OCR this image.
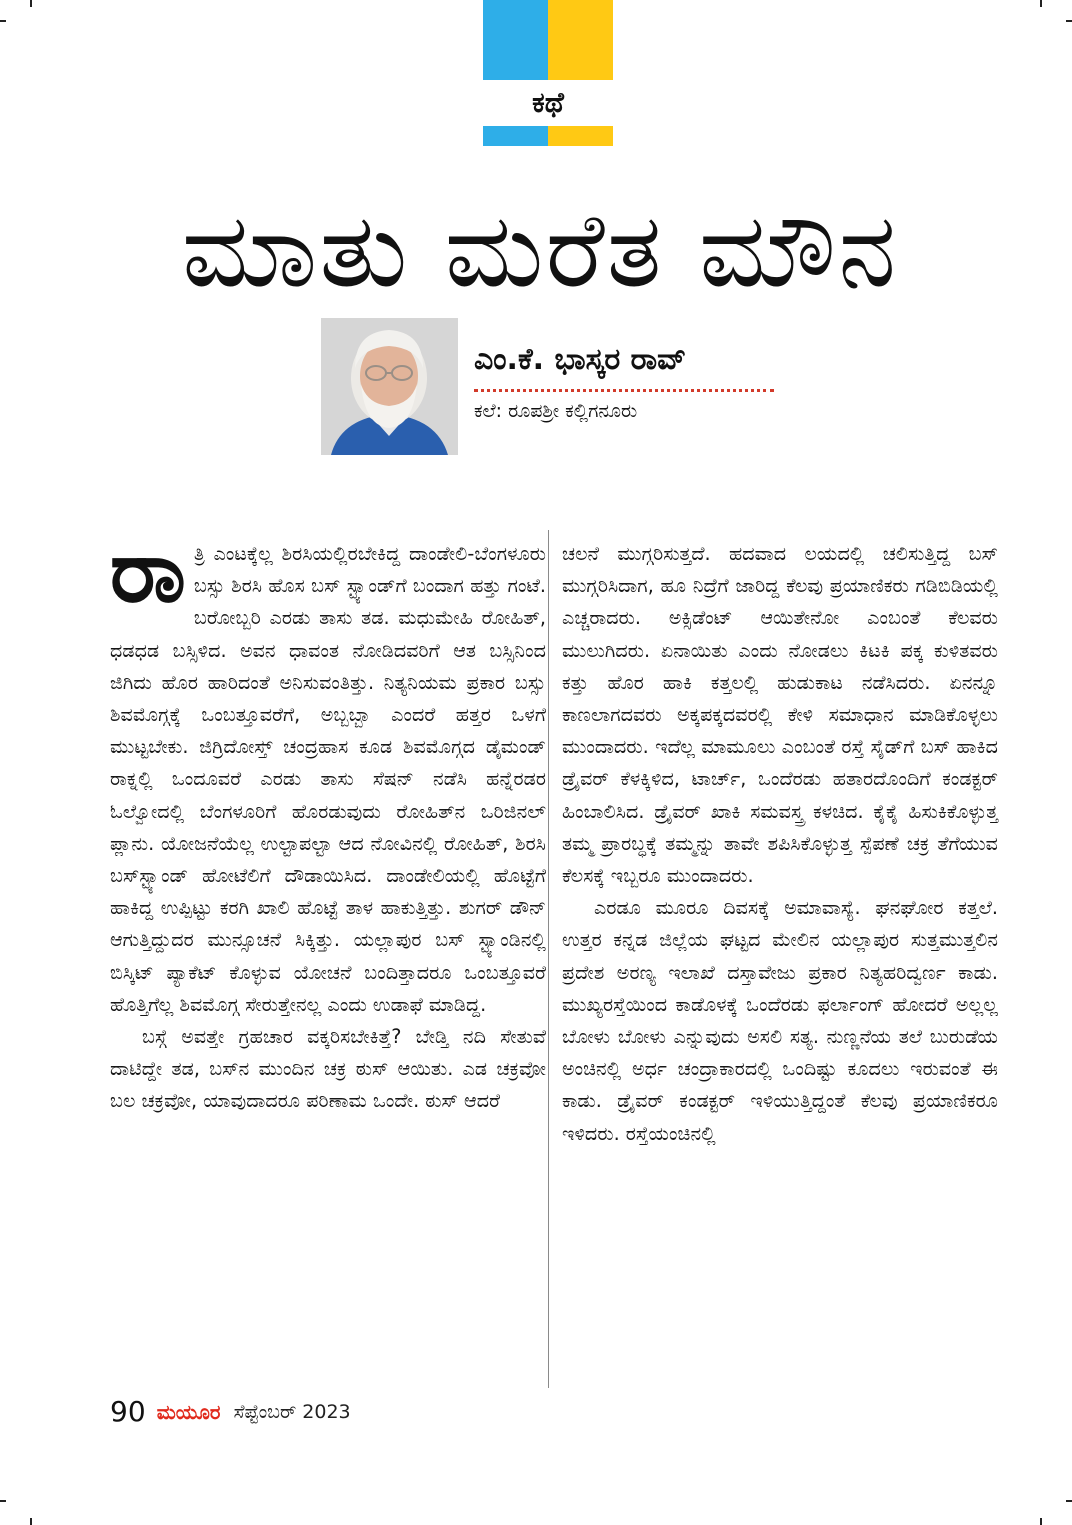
ಕಥೆ
ಮಾತು ಮರೆತ ಮೌನ
ಎಂ.ಕೆ. ಭಾಸ್ಕರ ರಾವ್
ಕಲೆ: ರೂಪಶ್ರೀ ಕಲ್ಲಿಗನೂರು

ರಾ ತ್ರಿ ಎಂಟಕ್ಕೆಲ್ಲ ಶಿರಸಿಯಲ್ಲಿರಬೇಕಿದ್ದ ದಾಂಡೇಲಿ-ಬೆಂಗಳೂರು ಬಸ್ಸು ಶಿರಸಿ ಹೊಸ ಬಸ್ ಸ್ಟ್ಯಾಂಡ್‌ಗೆ ಬಂದಾಗ ಹತ್ತು ಗಂಟೆ. ಬರೋಬ್ಬರಿ ಎರಡು ತಾಸು ತಡ. ಮಧುಮೇಹಿ ರೋಹಿತ್, ಧಡಧಡ ಬಸ್ಸಿಳಿದ. ಅವನ ಧಾವಂತ ನೋಡಿದವರಿಗೆ ಆತ ಬಸ್ಸಿನಿಂದ ಜಿಗಿದು ಹೊರ ಹಾರಿದಂತೆ ಅನಿಸುವಂತಿತ್ತು. ನಿತ್ಯನಿಯಮ ಪ್ರಕಾರ ಬಸ್ಸು ಶಿವಮೊಗ್ಗಕ್ಕೆ ಒಂಬತ್ತೂವರೆಗೆ, ಅಬ್ಬಬ್ಬಾ ಎಂದರೆ ಹತ್ತರ ಒಳಗೆ ಮುಟ್ಟಬೇಕು. ಜಿಗ್ರಿದೋಸ್ತ್ ಚಂದ್ರಹಾಸ ಕೂಡ ಶಿವಮೊಗ್ಗದ ಡೈಮಂಡ್ ರಾಕ್ನಲ್ಲಿ ಒಂದೂವರೆ ಎರಡು ತಾಸು ಸೆಷನ್ ನಡೆಸಿ ಹನ್ನೆರಡರ ಓಲ್ವೋದಲ್ಲಿ ಬೆಂಗಳೂರಿಗೆ ಹೊರಡುವುದು ರೋಹಿತ್‌ನ ಒರಿಜಿನಲ್ ಪ್ಲಾನು. ಯೋಜನೆಯೆಲ್ಲ ಉಲ್ಟಾಪಲ್ಟಾ ಆದ ನೋವಿನಲ್ಲಿ ರೋಹಿತ್, ಶಿರಸಿ ಬಸ್‌ಸ್ಟ್ಯಾಂಡ್ ಹೋಟೆಲಿಗೆ ದೌಡಾಯಿಸಿದ. ದಾಂಡೇಲಿಯಲ್ಲಿ ಹೊಟ್ಟೆಗೆ ಹಾಕಿದ್ದ ಉಪ್ಪಿಟ್ಟು ಕರಗಿ ಖಾಲಿ ಹೊಟ್ಟೆ ತಾಳ ಹಾಕುತ್ತಿತ್ತು. ಶುಗರ್ ಡೌನ್ ಆಗುತ್ತಿದ್ದುದರ ಮುನ್ಸೂಚನೆ ಸಿಕ್ಕಿತ್ತು. ಯಲ್ಲಾಪುರ ಬಸ್ ಸ್ಟ್ಯಾಂಡಿನಲ್ಲಿ ಬಿಸ್ಕಿಟ್ ಪ್ಯಾಕೆಟ್ ಕೊಳ್ಳುವ ಯೋಚನೆ ಬಂದಿತ್ತಾದರೂ ಒಂಬತ್ತೂವರೆ ಹೊತ್ತಿಗೆಲ್ಲ ಶಿವಮೊಗ್ಗ ಸೇರುತ್ತೇನಲ್ಲ ಎಂದು ಉಡಾಫೆ ಮಾಡಿದ್ದ.

ಬಸ್ಗೆ ಅವತ್ತೇ ಗ್ರಹಚಾರ ವಕ್ಕರಿಸಬೇಕಿತ್ತೆ? ಬೇಡ್ತಿ ನದಿ ಸೇತುವೆ ದಾಟಿದ್ದೇ ತಡ, ಬಸ್‌ನ ಮುಂದಿನ ಚಕ್ರ ಠುಸ್ ಆಯಿತು. ಎಡ ಚಕ್ರವೋ ಬಲ ಚಕ್ರವೋ, ಯಾವುದಾದರೂ ಪರಿಣಾಮ ಒಂದೇ. ಠುಸ್ ಆದರೆ

ಚಲನೆ ಮುಗ್ಗರಿಸುತ್ತದೆ. ಹದವಾದ ಲಯದಲ್ಲಿ ಚಲಿಸುತ್ತಿದ್ದ ಬಸ್ ಮುಗ್ಗರಿಸಿದಾಗ, ಹೂ ನಿದ್ರೆಗೆ ಜಾರಿದ್ದ ಕೆಲವು ಪ್ರಯಾಣಿಕರು ಗಡಿಬಿಡಿಯಲ್ಲಿ ಎಚ್ಚರಾದರು. ಅಕ್ಸಿಡೆಂಟ್ ಆಯಿತೇನೋ ಎಂಬಂತೆ ಕೆಲವರು ಮುಲುಗಿದರು. ಏನಾಯಿತು ಎಂದು ನೋಡಲು ಕಿಟಕಿ ಪಕ್ಕ ಕುಳಿತವರು ಕತ್ತು ಹೊರ ಹಾಕಿ ಕತ್ತಲಲ್ಲಿ ಹುಡುಕಾಟ ನಡೆಸಿದರು. ಏನನ್ನೂ ಕಾಣಲಾಗದವರು ಅಕ್ಕಪಕ್ಕದವರಲ್ಲಿ ಕೇಳಿ ಸಮಾಧಾನ ಮಾಡಿಕೊಳ್ಳಲು ಮುಂದಾದರು. ಇದೆಲ್ಲ ಮಾಮೂಲು ಎಂಬಂತೆ ರಸ್ತೆ ಸೈಡ್‌ಗೆ ಬಸ್ ಹಾಕಿದ ಡ್ರೈವರ್ ಕೆಳಕ್ಕಿಳಿದ, ಟಾರ್ಚ್, ಒಂದೆರಡು ಹತಾರದೊಂದಿಗೆ ಕಂಡಕ್ಟರ್ ಹಿಂಬಾಲಿಸಿದ. ಡ್ರೈವರ್ ಖಾಕಿ ಸಮವಸ್ತ್ರ ಕಳಚಿದ. ಕೈಕೈ ಹಿಸುಕಿಕೊಳ್ಳುತ್ತ ತಮ್ಮ ಪ್ರಾರಬ್ಧಕ್ಕೆ ತಮ್ಮನ್ನು ತಾವೇ ಶಪಿಸಿಕೊಳ್ಳುತ್ತ ಸ್ಪೆಪಣೆ ಚಕ್ರ ತೆಗೆಯುವ ಕೆಲಸಕ್ಕೆ ಇಬ್ಬರೂ ಮುಂದಾದರು.

ಎರಡೂ ಮೂರೂ ದಿವಸಕ್ಕೆ ಅಮಾವಾಸ್ಯೆ. ಘನಘೋರ ಕತ್ತಲೆ. ಉತ್ತರ ಕನ್ನಡ ಜಿಲ್ಲೆಯ ಘಟ್ಟದ ಮೇಲಿನ ಯಲ್ಲಾಪುರ ಸುತ್ತಮುತ್ತಲಿನ ಪ್ರದೇಶ ಅರಣ್ಯ ಇಲಾಖೆ ದಸ್ತಾವೇಜು ಪ್ರಕಾರ ನಿತ್ಯಹರಿದ್ವರ್ಣ ಕಾಡು. ಮುಖ್ಯರಸ್ತೆಯಿಂದ ಕಾಡೊಳಕ್ಕೆ ಒಂದೆರಡು ಫರ್ಲಾಂಗ್ ಹೋದರೆ ಅಲ್ಲಲ್ಲ ಬೋಳು ಬೋಳು ಎನ್ನುವುದು ಅಸಲಿ ಸತ್ಯ. ನುಣ್ಣನೆಯ ತಲೆ ಬುರುಡೆಯ ಅಂಚಿನಲ್ಲಿ ಅರ್ಧ ಚಂದ್ರಾಕಾರದಲ್ಲಿ ಒಂದಿಷ್ಟು ಕೂದಲು ಇರುವಂತೆ ಈ ಕಾಡು. ಡ್ರೈವರ್ ಕಂಡಕ್ಟರ್ ಇಳಿಯುತ್ತಿದ್ದಂತೆ ಕೆಲವು ಪ್ರಯಾಣಿಕರೂ ಇಳಿದರು. ರಸ್ತೆಯಂಚಿನಲ್ಲಿ

90 ಮಯೂರ ಸೆಪ್ಟೆಂಬರ್ 2023
